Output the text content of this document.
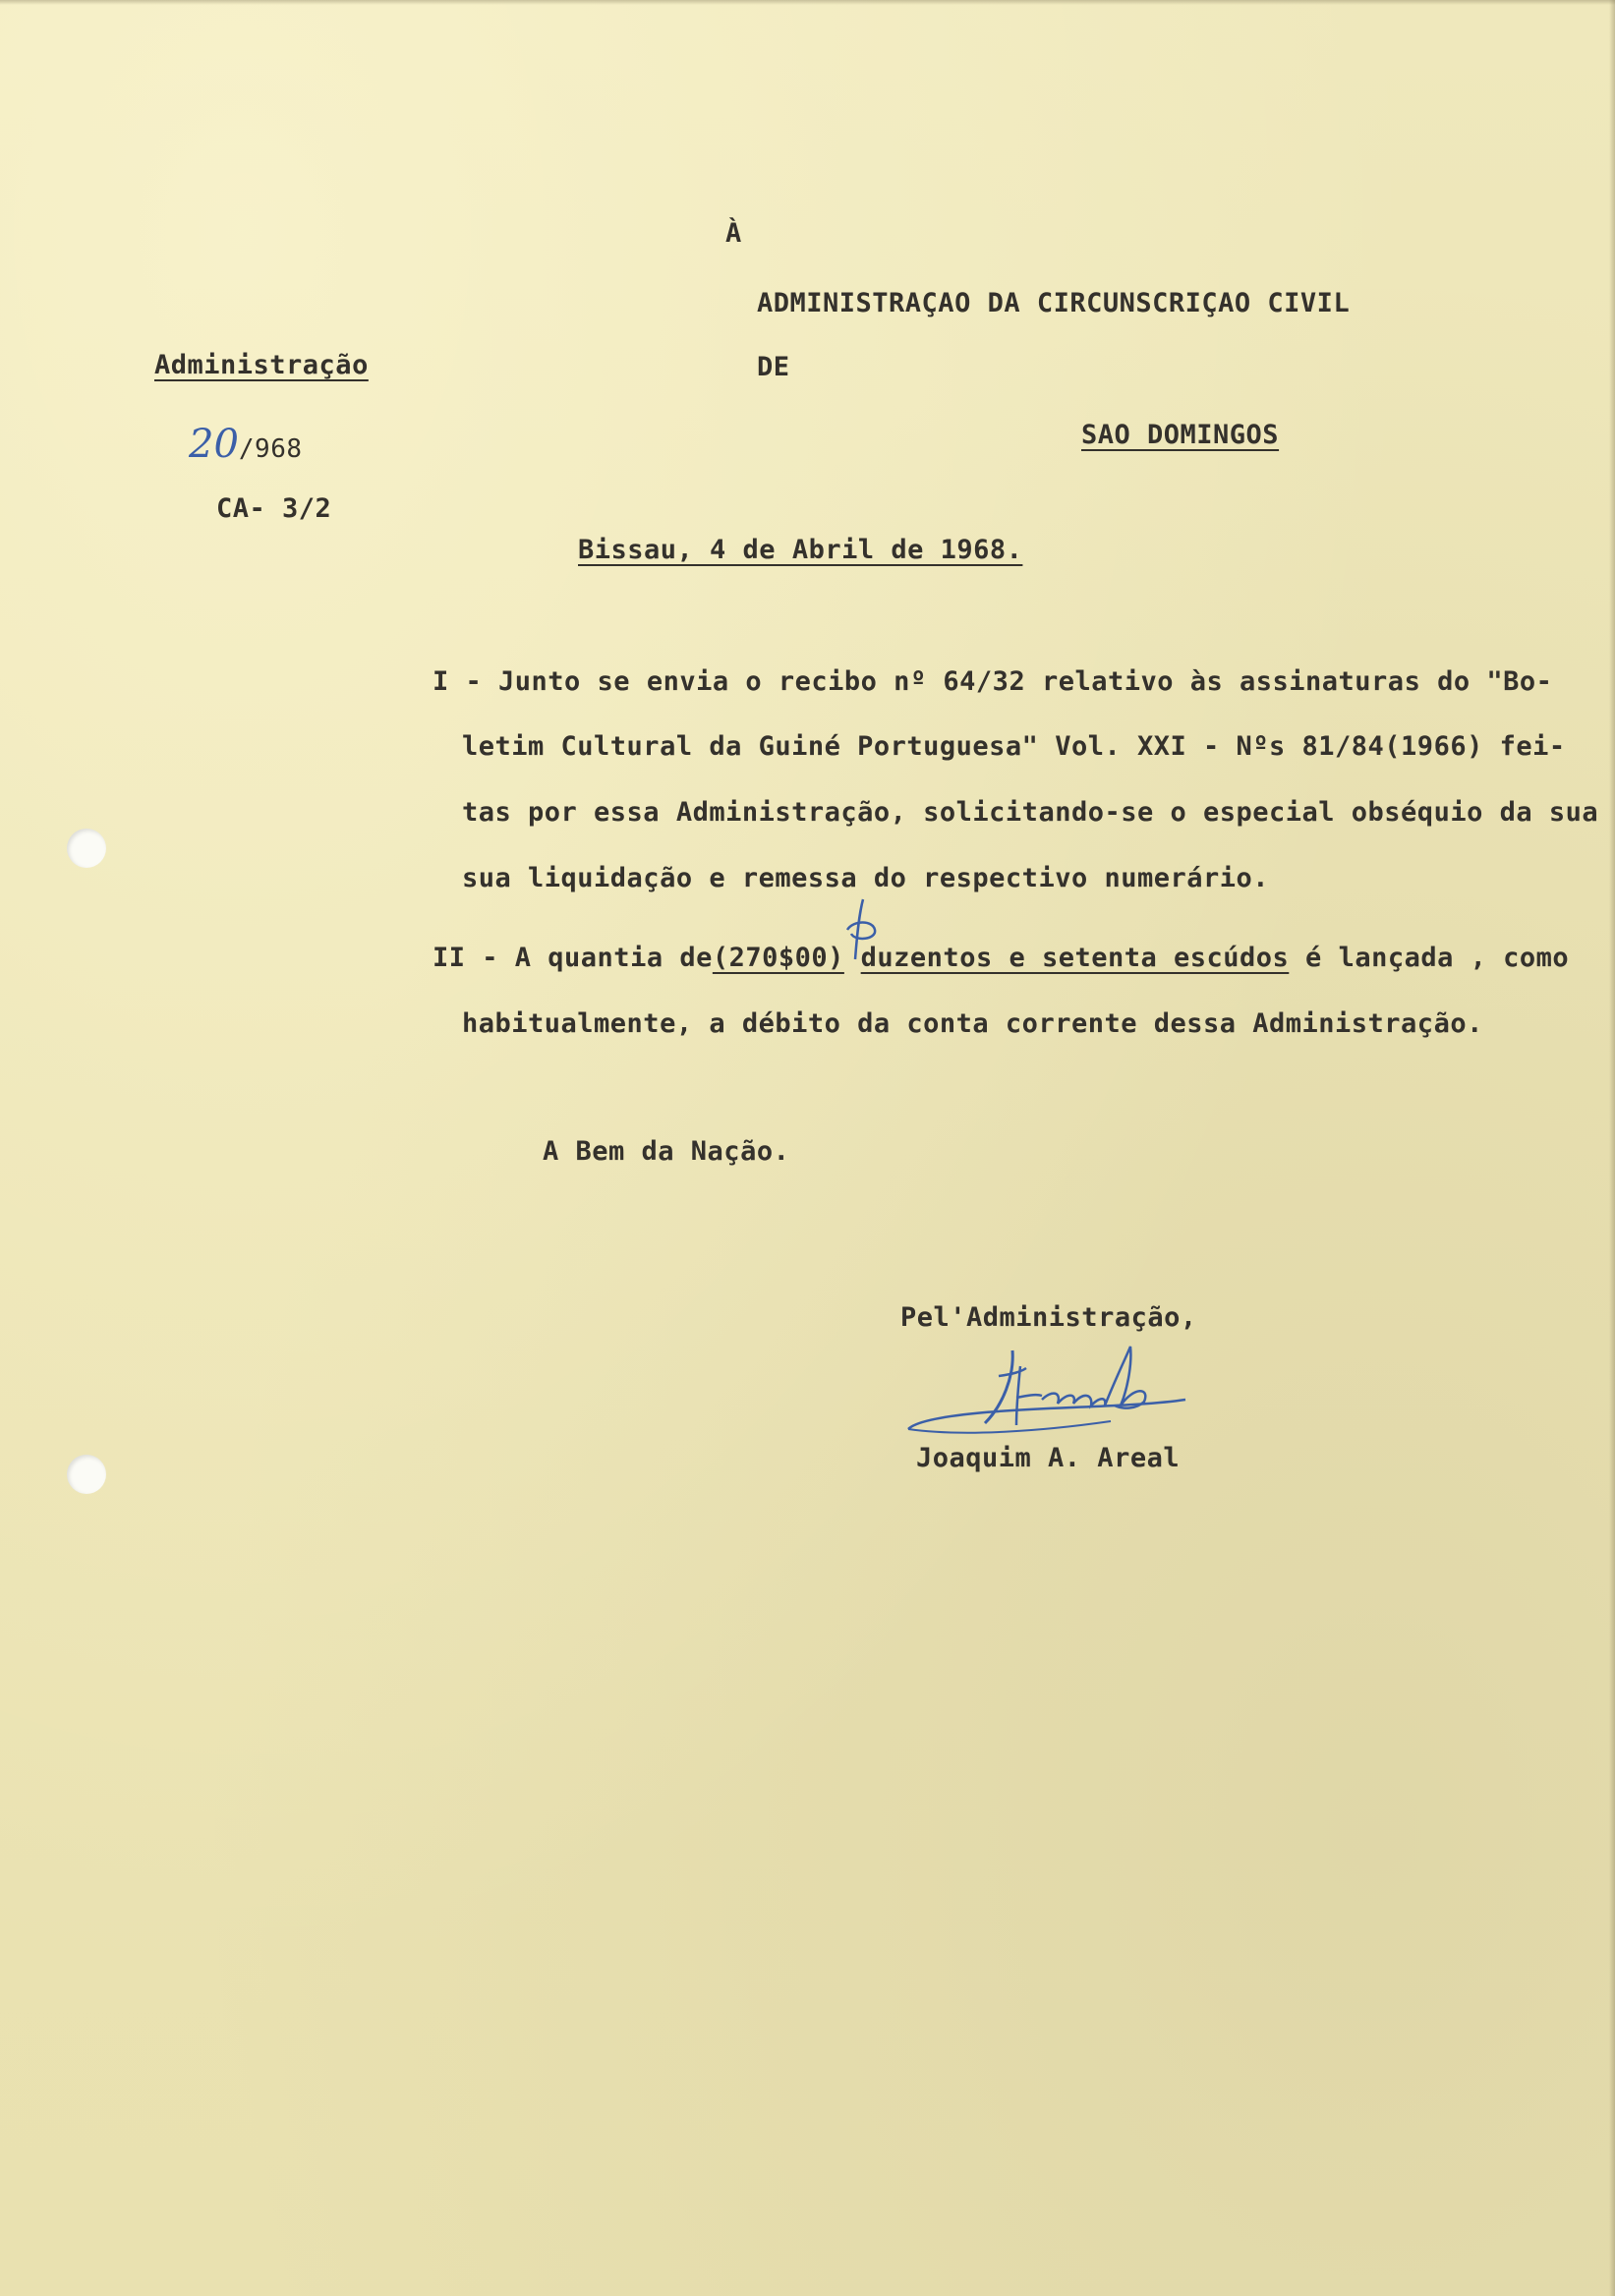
À

ADMINISTRAÇAO DA CIRCUNSCRIÇAO CIVIL

DE

SAO DOMINGOS

Administração

20/968

CA- 3/2

Bissau, 4 de Abril de 1968.

I - Junto se envia o recibo nº 64/32 relativo às assinaturas do "Bo-

letim Cultural da Guiné Portuguesa" Vol. XXI - Nºs 81/84(1966) fei-

tas por essa Administração, solicitando-se o especial obséquio da sua

sua liquidação e remessa do respectivo numerário.

II - A quantia de(270$00) duzentos e setenta escúdos é lançada , como

habitualmente, a débito da conta corrente dessa Administração.

A Bem da Nação.

Pel'Administração,

Joaquim A. Areal
